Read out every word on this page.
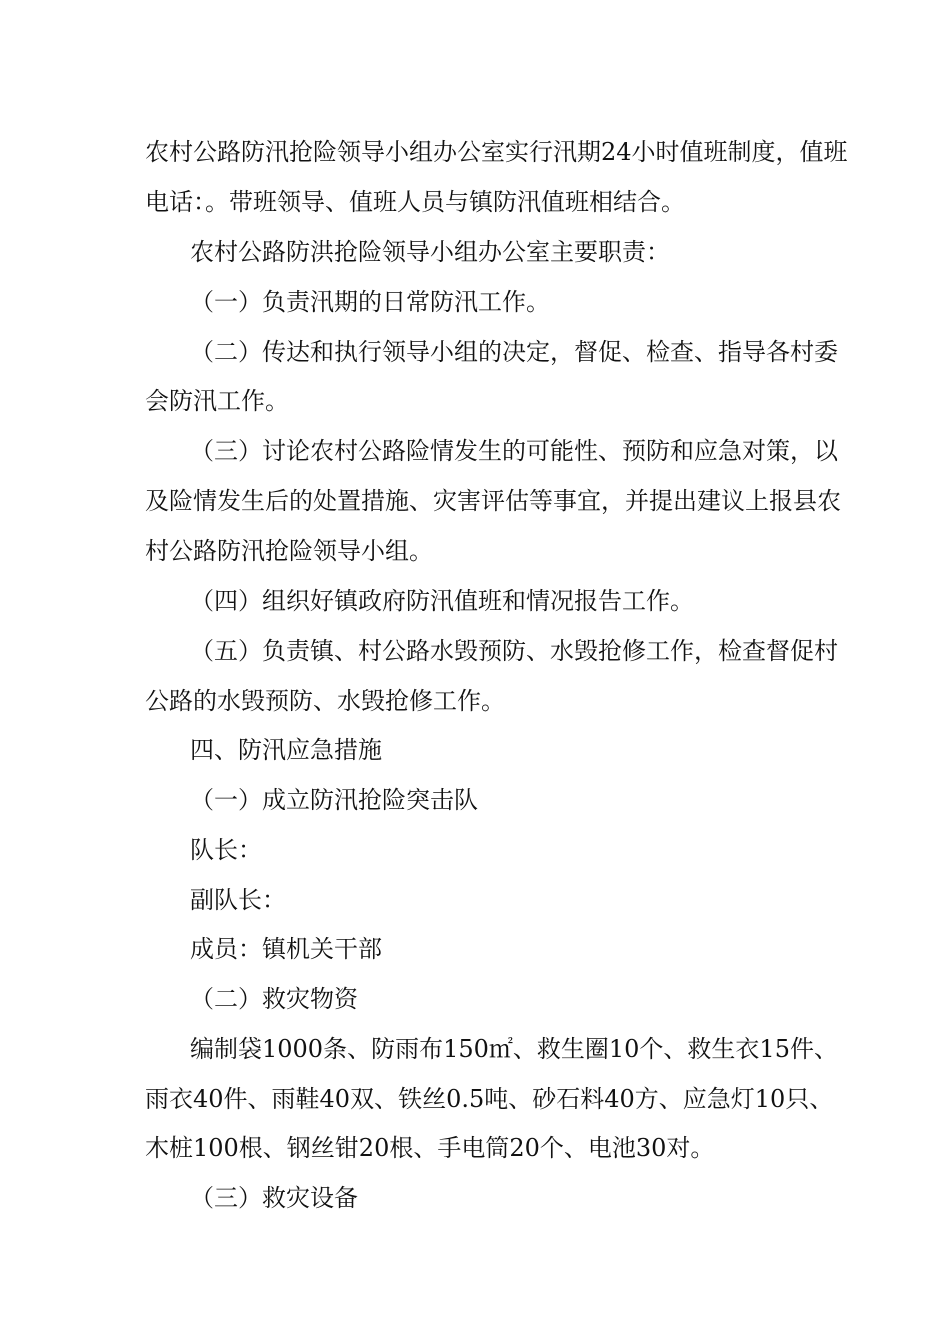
农村公路防汛抢险领导小组办公室实行汛期24小时值班制度，值班
电话：。带班领导、值班人员与镇防汛值班相结合。
农村公路防洪抢险领导小组办公室主要职责：
（一）负责汛期的日常防汛工作。
（二）传达和执行领导小组的决定，督促、检查、指导各村委
会防汛工作。
（三）讨论农村公路险情发生的可能性、预防和应急对策，以
及险情发生后的处置措施、灾害评估等事宜，并提出建议上报县农
村公路防汛抢险领导小组。
（四）组织好镇政府防汛值班和情况报告工作。
（五）负责镇、村公路水毁预防、水毁抢修工作，检查督促村
公路的水毁预防、水毁抢修工作。
四、防汛应急措施
（一）成立防汛抢险突击队
队长：
副队长：
成员：镇机关干部
（二）救灾物资
编制袋1000条、防雨布150㎡、救生圈10个、救生衣15件、
雨衣40件、雨鞋40双、铁丝0.5吨、砂石料40方、应急灯10只、
木桩100根、钢丝钳20根、手电筒20个、电池30对。
（三）救灾设备
